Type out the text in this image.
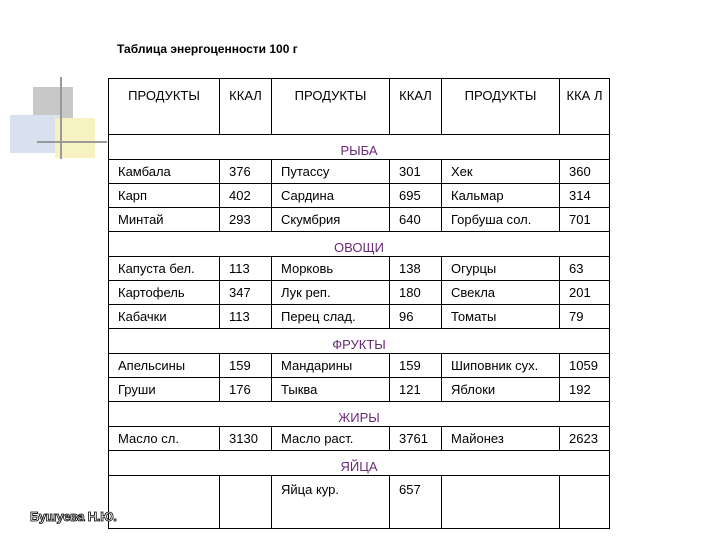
Таблица энергоценности 100 г
ПРОДУКТЫ	ККАЛ	ПРОДУКТЫ	ККАЛ	ПРОДУКТЫ	ККА Л
РЫБА					
Камбала	376	Путассу	301	Хек	360
Карп	402	Сардина	695	Кальмар	314
Минтай	293	Скумбрия	640	Горбуша сол.	701
ОВОЩИ					
Капуста бел.	113	Морковь	138	Огурцы	63
Картофель	347	Лук реп.	180	Свекла	201
Кабачки	113	Перец слад.	96	Томаты	79
ФРУКТЫ					
Апельсины	159	Мандарины	159	Шиповник сух.	1059
Груши	176	Тыква	121	Яблоки	192
ЖИРЫ					
Масло сл.	3130	Масло раст.	3761	Майонез	2623
ЯЙЦА					
		Яйца кур.	657		
Бушуева Н.Ю.
